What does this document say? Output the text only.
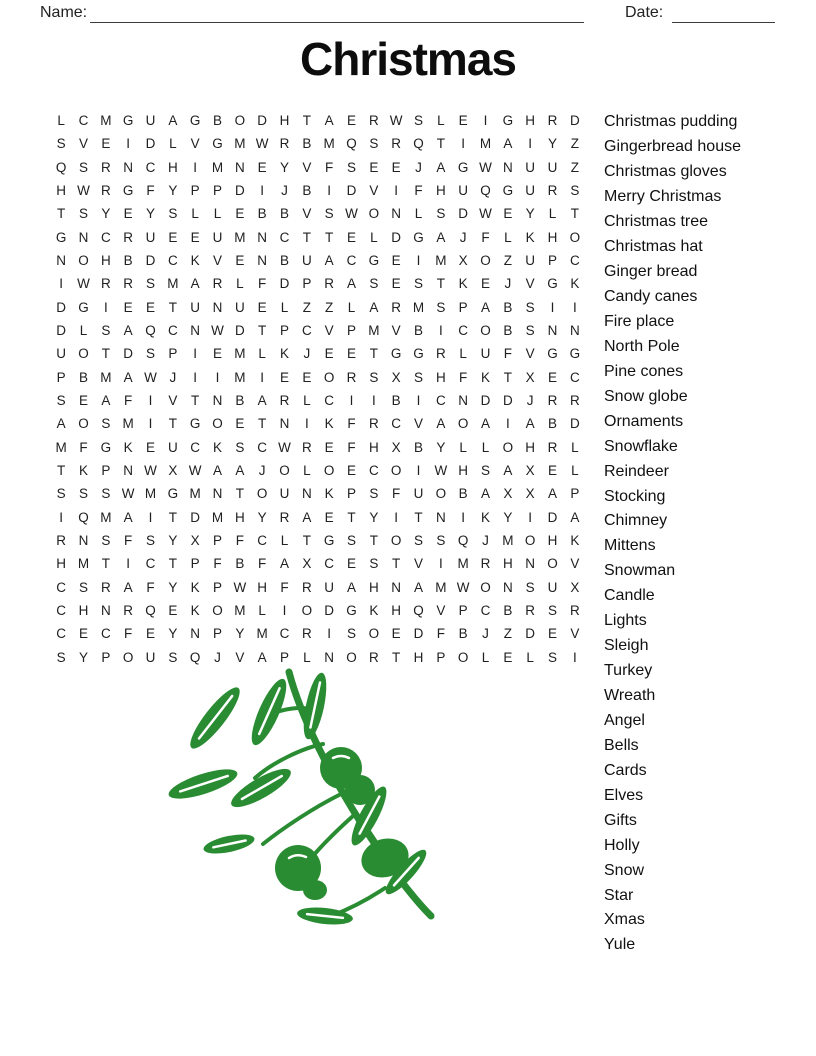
Name:	Date:
Christmas
L	C M G U A G B O D H T	A E R W S	L	E	I	G H R D
S V E	I	D	L	V G M W R B M Q S R Q T	I	M A	I	Y	Z
Q S R N C H	I	M N E Y V	F	S E E	J	A G W N U U Z
H W R G F	Y P P D	I	J	B	I	D V	I	F H U Q G U R S
T	S Y E Y S	L	L	E B B V S W O N	L	S D W E Y	L	T
G N C R U E E U M N C T	T	E	L	D G A	J	F	L	K H O
N O H B D C K V E N B U A C G E	I	M X O Z U P C
I	W R R S M A R	L	F D P R A S E S	T	K E	J	V G K
D G	I	E E	T U N U E	L	Z	Z	L	A R M S P A B S	I	I
D	L	S A Q C N W D T	P C V P M V B	I	C O B S N N
U O T D S P	I	E M L	K	J	E E	T G G R	L	U F	V G G
P B M A W J	I	I	M	I	E E O R S X S H F	K	T	X E C
S E A	F	I	V	T N B A R	L	C	I	I	B	I	C N D D	J	R R
A O S M	I	T G O E	T N	I	K	F R C V A O A	I	A B D
M F G K E U C K S C W R E	F H X B Y	L	L O H R	L
T	K P N W X W A A	J	O L O E C O	I	W H S A X E	L
S S S W M G M N T O U N K P S	F U O B A X X A P
I	Q M A	I	T D M H Y R A E	T	Y	I	T N	I	K Y	I	D A
R N S	F	S Y X P	F C	L	T G S	T O S S Q	J M O H K
H M T	I	C T	P	F	B	F	A X C E S	T	V	I	M R H N O V
C S R A	F	Y K P W H F R U A H N A M W O N S U X
C H N R Q E K O M L	I	O D G K H Q V P C B R S R
C E C F	E Y N P Y M C R	I	S O E D F	B	J	Z D E V
S Y P O U S Q	J	V A P	L	N O R T H P O L	E	L	S	I
Christmas pudding
Gingerbread house
Christmas gloves
Merry Christmas
Christmas tree
Christmas hat
Ginger bread
Candy canes
Fire place
North Pole
Pine cones
Snow globe
Ornaments
Snowflake
Reindeer
Stocking
Chimney
Mittens
Snowman
Candle
Lights
Sleigh
Turkey
Wreath
Angel
Bells
Cards
Elves
Gifts
Holly
Snow
Star
Xmas
Yule
